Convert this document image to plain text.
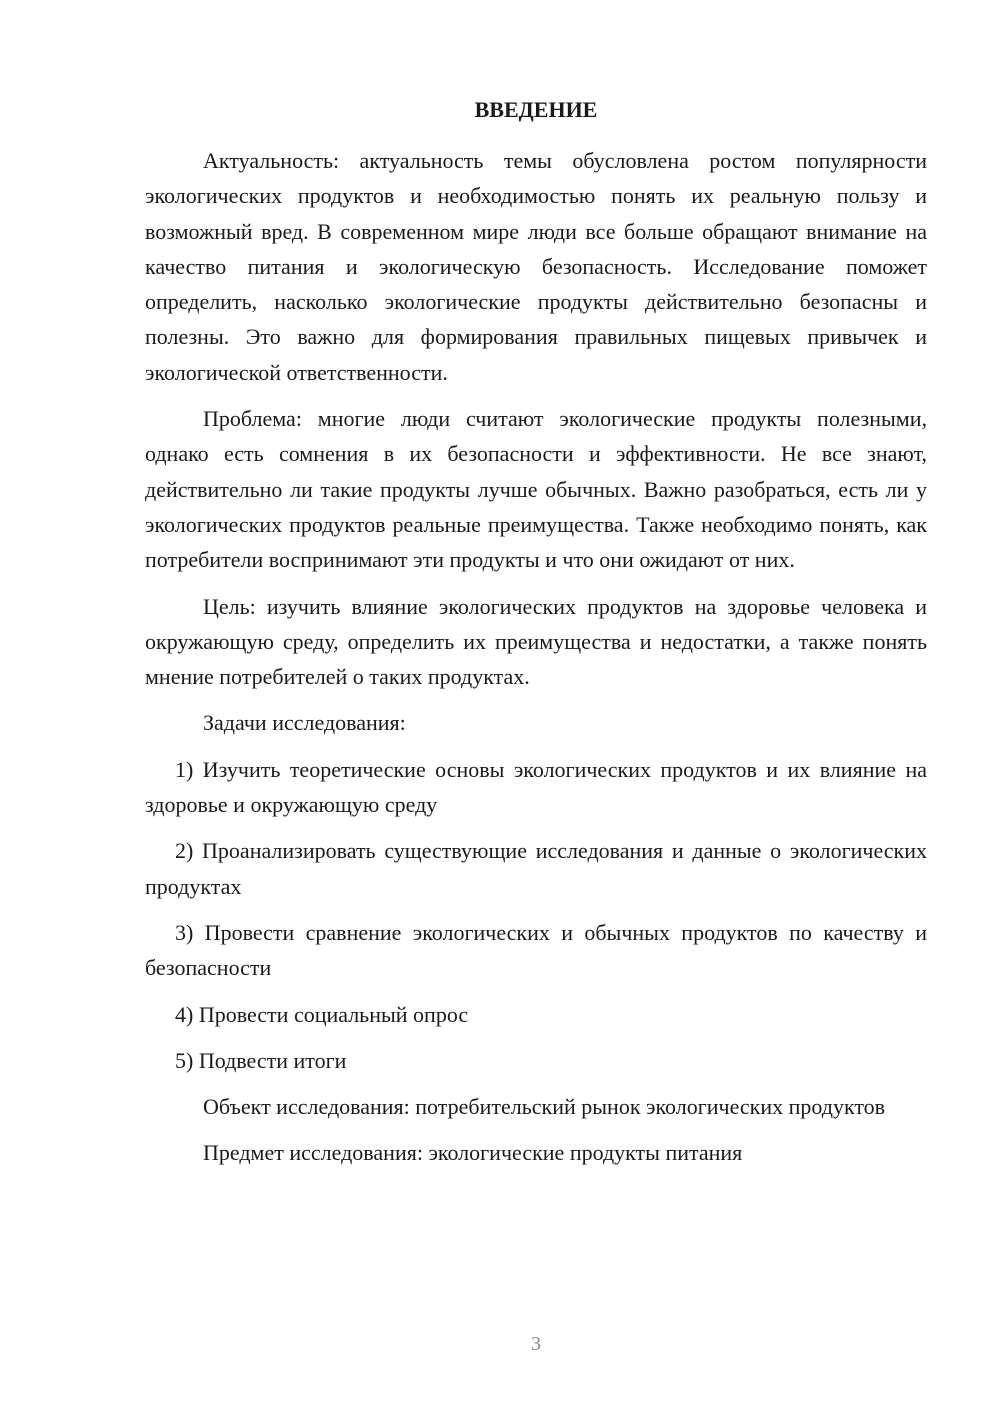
ВВЕДЕНИЕ

Актуальность: актуальность темы обусловлена ростом популярности экологических продуктов и необходимостью понять их реальную пользу и возможный вред. В современном мире люди все больше обращают внимание на качество питания и экологическую безопасность. Исследование поможет определить, насколько экологические продукты действительно безопасны и полезны. Это важно для формирования правильных пищевых привычек и экологической ответственности.

Проблема: многие люди считают экологические продукты полезными, однако есть сомнения в их безопасности и эффективности. Не все знают, действительно ли такие продукты лучше обычных. Важно разобраться, есть ли у экологических продуктов реальные преимущества. Также необходимо понять, как потребители воспринимают эти продукты и что они ожидают от них.

Цель: изучить влияние экологических продуктов на здоровье человека и окружающую среду, определить их преимущества и недостатки, а также понять мнение потребителей о таких продуктах.

Задачи исследования:

1) Изучить теоретические основы экологических продуктов и их влияние на здоровье и окружающую среду

2) Проанализировать существующие исследования и данные о экологических продуктах

3) Провести сравнение экологических и обычных продуктов по качеству и безопасности

4) Провести социальный опрос

5) Подвести итоги

Объект исследования: потребительский рынок экологических продуктов

Предмет исследования: экологические продукты питания

3
